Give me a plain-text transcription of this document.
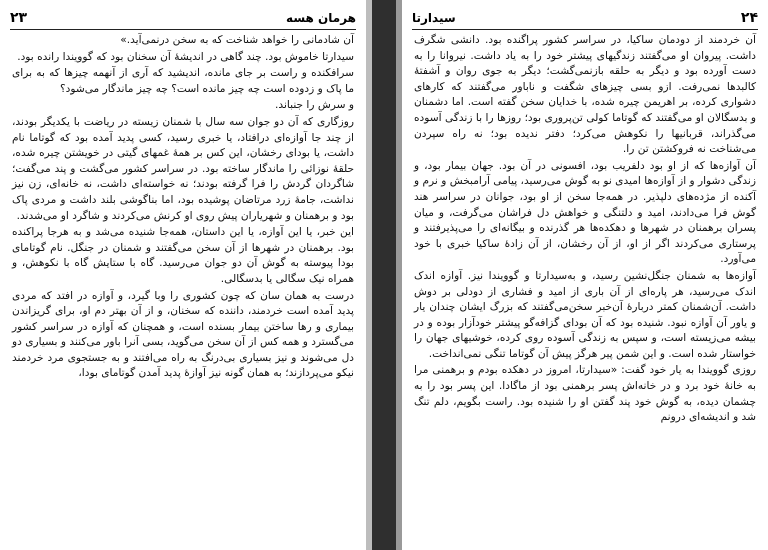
۲۳	هرمان هسه

آن شادمانی را خواهد شناخت که به سخن درنمی‌آید.»

سیدارتا خاموش بود. چند گاهی در اندیشهٔ آن سخنان بود که گوویندا رانده بود.

سرافکنده و راست بر جای مانده، اندیشید که آری از آنهمه چیزها که به برای ما پاک و زدوده است چه چیز مانده است؟ چه چیز ماندگار می‌شود؟

و سرش را جنباند.

روزگاری که آن دو جوان سه سال با شمنان زیسته در ریاضت با یکدیگر بودند، از چند جا آوازه‌ای درافتاد، یا خبری رسید، کسی پدید آمده بود که گوتاما نام داشت، یا بودای رخشان، این کس بر همهٔ غمهای گیتی در خویشتن چیره شده، حلقهٔ نوزائی را ماندگار ساخته بود. در سراسر کشور می‌گشت و پند می‌گفت؛ شاگردان گردش را فرا گرفته بودند؛ نه خواسته‌ای داشت، نه خانه‌ای، زن نیز نداشت، جامهٔ زرد مرتاضان پوشیده بود، اما بناگوشی بلند داشت و مردی پاک بود و برهمنان و شهریاران پیش روی او کرنش می‌کردند و شاگرد او می‌شدند.

این خبر، یا این آوازه، یا این داستان، همه‌جا شنیده می‌شد و به هرجا پراکنده بود. برهمنان در شهرها از آن سخن می‌گفتند و شمنان در جنگل. نام گوتامای بودا پیوسته به گوش آن دو جوان می‌رسید. گاه با ستایش گاه با نکوهش، و همراه نیک سگالی یا بد‌سگالی.

درست به همان سان که چون کشوری را وبا گیرد، و آوازه در افتد که مردی پدید آمده است خردمند، داننده که سخنان، و از آن بهتر دم او، برای گریزاندن بیماری و رها ساختن بیمار بسنده است، و همچنان که آوازه در سراسر کشور می‌گسترد و همه کس از آن سخن می‌گوید، بسی آنرا باور می‌کنند و بسیاری دو دل می‌شوند و نیز بسیاری بی‌درنگ به راه می‌افتند و به جستجوی مرد خردمند نیکو می‌پردازند؛ به همان گونه نیز آوازهٔ پدید آمدن گوتامای بودا،

۲۴
سیدارتا

آن خردمند از دودمان ساکیا، در سراسر کشور پراگنده بود. دانشی شگرف داشت. پیروان او می‌گفتند زندگیهای پیشتر خود را به یاد داشت. نیروانا را به دست آورده بود و دیگر به حلقه بازنمی‌گشت؛ دیگر به جوی روان و آشفتهٔ کالبدها نمی‌رفت. ازو بسی چیزهای شگفت و ناباور می‌گفتند که کارهای دشواری کرده، بر اهریمن چیره شده، با خدایان سخن گفته است. اما دشمنان و بدسگالان او می‌گفتند که گوتاما کولی تن‌پروری بود؛ روزها را با زندگی آسوده می‌گذراند، قربانیها را نکوهش می‌کرد؛ دفتر ندیده بود؛ نه راه سپردن می‌شناخت نه فروکشتن تن را.

آن آوازه‌ها که از او بود دلفریب بود، افسونی در آن بود. جهان بیمار بود، و زندگی دشوار و از آوازه‌ها امیدی نو به گوش می‌رسید، پیامی آرامبخش و نرم و آکنده از مژده‌های دلپذیر. در همه‌جا سخن از او بود، جوانان در سراسر هند گوش فرا می‌دادند، امید و دلتنگی و خواهش دل فراشان می‌گرفت، و میان پسران برهمنان در شهرها و دهکده‌ها هر گذرنده و بیگانه‌ای را می‌پذیرفتند و پرستاری می‌کردند اگر از او، از آن رخشان، از آن زادهٔ ساکیا خبری با خود می‌آورد.

آوازه‌ها به شمنان جنگل‌نشین رسید، و به‌سیدارتا و گوویندا نیز. آوازه اندک اندک می‌رسید، هر پاره‌ای از آن باری از امید و فشاری از دودلی بر دوش داشت. آن‌شمنان کمتر دربارهٔ آن‌خبر سخن‌می‌گفتند که بزرگ ایشان چندان یار و یاور آن آوازه نبود. شنیده بود که آن بودای گزافه‌گو پیشتر خودآزار بوده و در بیشه می‌زیسته است، و سپس به زندگی آسوده روی کرده، خوشیهای جهان را خواستار شده است. و این شمن پیر هرگز پیش آن گوتاما تنگی نمی‌انداخت.

روزی گوویندا به یار خود گفت: «سیدارتا، امروز در دهکده بودم و برهمنی مرا به خانهٔ خود برد و در خانه‌اش پسر برهمنی بود از ماگادا. این پسر بود را به چشمان دیده، به گوش خود پند گفتن او را شنیده بود. راست بگویم، دلم تنگ شد و اندیشه‌ای درونم
